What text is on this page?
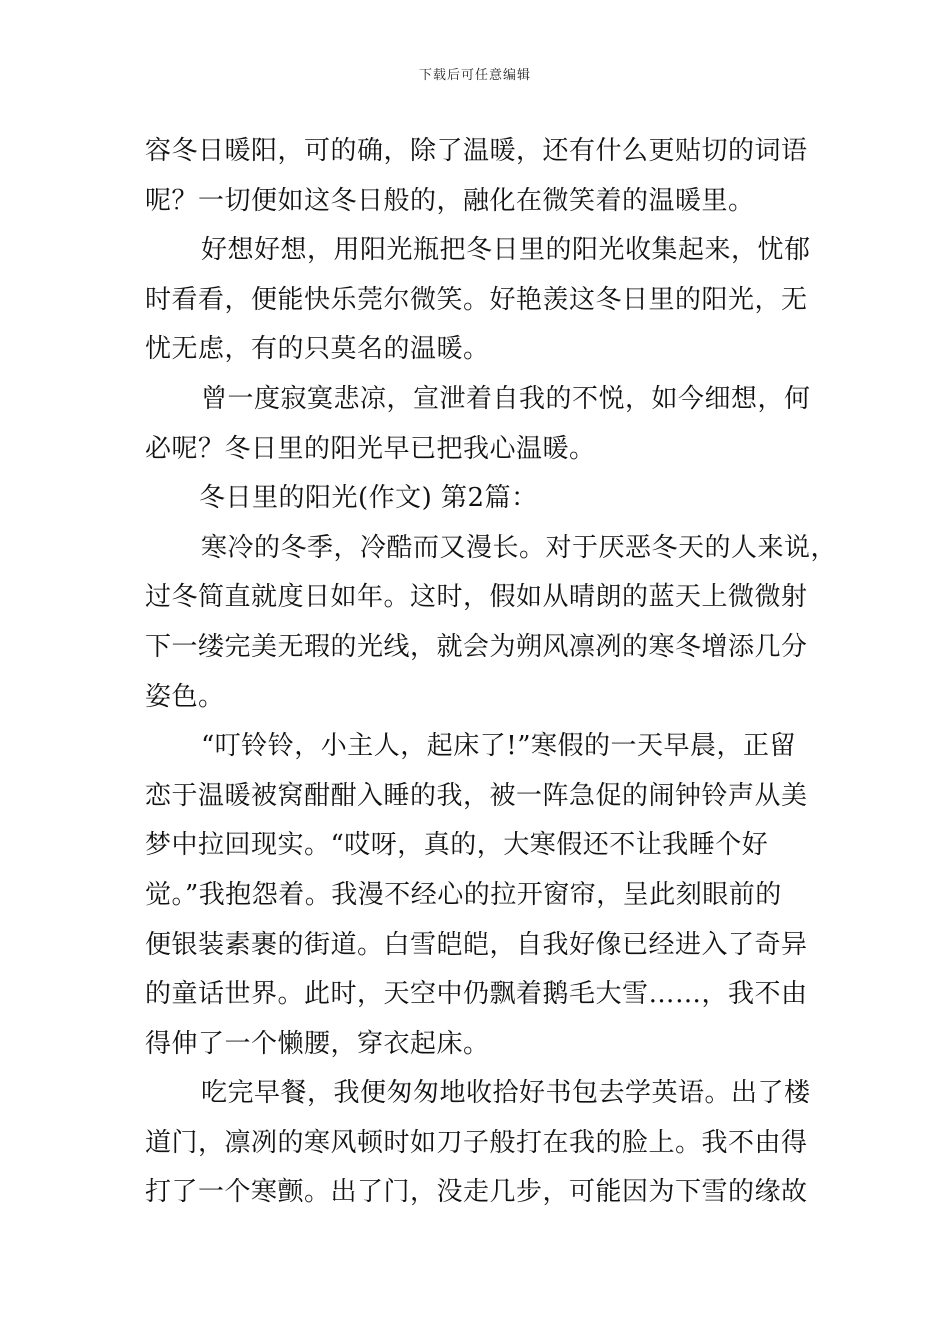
下载后可任意编辑
容冬日暖阳，可的确，除了温暖，还有什么更贴切的词语
呢？一切便如这冬日般的，融化在微笑着的温暖里。
好想好想，用阳光瓶把冬日里的阳光收集起来，忧郁
时看看，便能快乐莞尔微笑。好艳羡这冬日里的阳光，无
忧无虑，有的只莫名的温暖。
曾一度寂寞悲凉，宣泄着自我的不悦，如今细想，何
必呢？冬日里的阳光早已把我心温暖。
冬日里的阳光(作文) 第2篇：
寒冷的冬季，冷酷而又漫长。对于厌恶冬天的人来说，
过冬简直就度日如年。这时，假如从晴朗的蓝天上微微射
下一缕完美无瑕的光线，就会为朔风凛冽的寒冬增添几分
姿色。
“叮铃铃，小主人，起床了!”寒假的一天早晨，正留
恋于温暖被窝酣酣入睡的我，被一阵急促的闹钟铃声从美
梦中拉回现实。“哎呀，真的，大寒假还不让我睡个好
觉。”我抱怨着。我漫不经心的拉开窗帘，呈此刻眼前的
便银装素裹的街道。白雪皑皑，自我好像已经进入了奇异
的童话世界。此时，天空中仍飘着鹅毛大雪……，我不由
得伸了一个懒腰，穿衣起床。
吃完早餐，我便匆匆地收拾好书包去学英语。出了楼
道门，凛冽的寒风顿时如刀子般打在我的脸上。我不由得
打了一个寒颤。出了门，没走几步，可能因为下雪的缘故
